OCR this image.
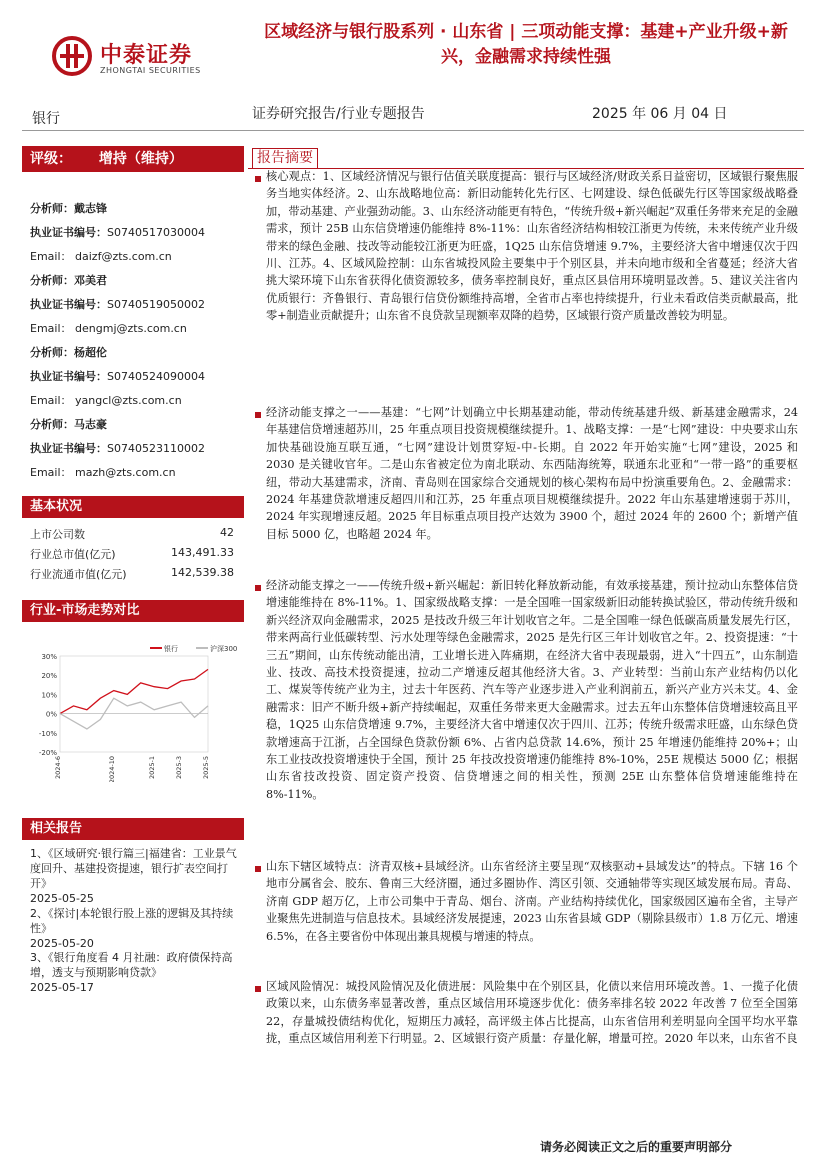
中泰证券
ZHONGTAI SECURITIES
区域经济与银行股系列 · 山东省 | 三项动能支撑：基建+产业升级+新兴，金融需求持续性强
银行	证券研究报告/行业专题报告	2025 年 06 月 04 日
评级： 增持（维持）
分析师：戴志锋
执业证书编号：S0740517030004
Email： daizf@zts.com.cn
分析师：邓美君
执业证书编号：S0740519050002
Email： dengmj@zts.com.cn
分析师：杨超伦
执业证书编号：S0740524090004
Email： yangcl@zts.com.cn
分析师：马志豪
执业证书编号：S0740523110002
Email： mazh@zts.com.cn
基本状况
上市公司数	42
行业总市值(亿元)	143,491.33
行业流通市值(亿元)	142,539.38
行业-市场走势对比
30%
20%
10%
0%
-10%
-20%
2024-6	2024-10	2025-1	2025-3	2025-5
银行	沪深300
相关报告
1、《区域研究·银行篇三|福建省：工业景气度回升、基建投资提速，银行扩表空间打开》
2025-05-25
2、《探讨|本轮银行股上涨的逻辑及其持续性》
2025-05-20
3、《银行角度看 4 月社融：政府债保持高增，透支与预期影响贷款》
2025-05-17
报告摘要
核心观点：1、区域经济情况与银行估值关联度提高：银行与区域经济/财政关系日益密切，区域银行聚焦服务当地实体经济。2、山东战略地位高：新旧动能转化先行区、七网建设、绿色低碳先行区等国家级战略叠加，带动基建、产业强劲动能。3、山东经济动能更有特色，“传统升级+新兴崛起”双重任务带来充足的金融需求，预计 25B 山东信贷增速仍能维持 8%-11%：山东省经济结构相较江浙更为传统，未来传统产业升级带来的绿色金融、技改等动能较江浙更为旺盛，1Q25 山东信贷增速 9.7%，主要经济大省中增速仅次于四川、江苏。4、区域风险控制：山东省城投风险主要集中于个别区县，并未向地市级和全省蔓延；经济大省挑大梁环境下山东省获得化债资源较多，债务率控制良好，重点区县信用环境明显改善。5、建议关注省内优质银行：齐鲁银行、青岛银行信贷份额维持高增，全省市占率也持续提升，行业未看政信类贡献最高，批零+制造业贡献提升；山东省不良贷款呈现额率双降的趋势，区域银行资产质量改善较为明显。
经济动能支撑之一——基建：“七网”计划确立中长期基建动能，带动传统基建升级、新基建金融需求，24 年基建信贷增速超苏川，25 年重点项目投资规模继续提升。1、战略支撑：一是“七网”建设：中央要求山东加快基础设施互联互通，“七网”建设计划贯穿短-中-长期。自 2022 年开始实施“七网”建设，2025 和 2030 是关键收官年。二是山东省被定位为南北联动、东西陆海统筹，联通东北亚和“一带一路”的重要枢纽，带动大基建需求，济南、青岛则在国家综合交通规划的核心架构布局中扮演重要角色。2、金融需求：2024 年基建贷款增速反超四川和江苏，25 年重点项目规模继续提升。2022 年山东基建增速弱于苏川，2024 年实现增速反超。2025 年目标重点项目投产达效为 3900 个，超过 2024 年的 2600 个；新增产值目标 5000 亿，也略超 2024 年。
经济动能支撑之一——传统升级+新兴崛起：新旧转化释放新动能，有效承接基建，预计拉动山东整体信贷增速能维持在 8%-11%。1、国家级战略支撑：一是全国唯一国家级新旧动能转换试验区，带动传统升级和新兴经济双向金融需求，2025 是技改升级三年计划收官之年。二是全国唯一绿色低碳高质量发展先行区，带来两高行业低碳转型、污水处理等绿色金融需求，2025 是先行区三年计划收官之年。2、投资提速：“十三五”期间，山东传统动能出清，工业增长进入阵痛期，在经济大省中表现最弱，进入“十四五”，山东制造业、技改、高技术投资提速，拉动二产增速反超其他经济大省。3、产业转型：当前山东产业结构仍以化工、煤炭等传统产业为主，过去十年医药、汽车等产业逐步进入产业利润前五，新兴产业方兴未艾。4、金融需求：旧产不断升级+新产持续崛起，双重任务带来更大金融需求。过去五年山东整体信贷增速较高且平稳，1Q25 山东信贷增速 9.7%，主要经济大省中增速仅次于四川、江苏；传统升级需求旺盛，山东绿色贷款增速高于江浙，占全国绿色贷款份额 6%、占省内总贷款 14.6%，预计 25 年增速仍能维持 20%+；山东工业技改投资增速快于全国，预计 25 年技改投资增速仍能维持 8%-10%，25E 规模达 5000 亿；根据山东省技改投资、固定资产投资、信贷增速之间的相关性，预测 25E 山东整体信贷增速能维持在 8%-11%。
山东下辖区域特点：济青双核+县域经济。山东省经济主要呈现“双核驱动+县域发达”的特点。下辖 16 个地市分属省会、胶东、鲁南三大经济圈，通过多圈协作、湾区引领、交通轴带等实现区域发展布局。青岛、济南 GDP 超万亿，上市公司集中于青岛、烟台、济南。产业结构持续优化，国家级园区遍布全省，主导产业聚焦先进制造与信息技术。县域经济发展提速，2023 山东省县域 GDP（剔除县级市）1.8 万亿元、增速 6.5%，在各主要省份中体现出兼具规模与增速的特点。
区域风险情况：城投风险情况及化债进展：风险集中在个别区县，化债以来信用环境改善。1、一揽子化债政策以来，山东债务率显著改善，重点区域信用环境逐步优化：债务率排名较 2022 年改善 7 位至全国第 22，存量城投债结构优化，短期压力减轻，高评级主体占比提高，山东省信用利差明显向全国平均水平靠拢，重点区域信用利差下行明显。2、区域银行资产质量：存量化解，增量可控。2020 年以来，山东省不良
请务必阅读正文之后的重要声明部分
